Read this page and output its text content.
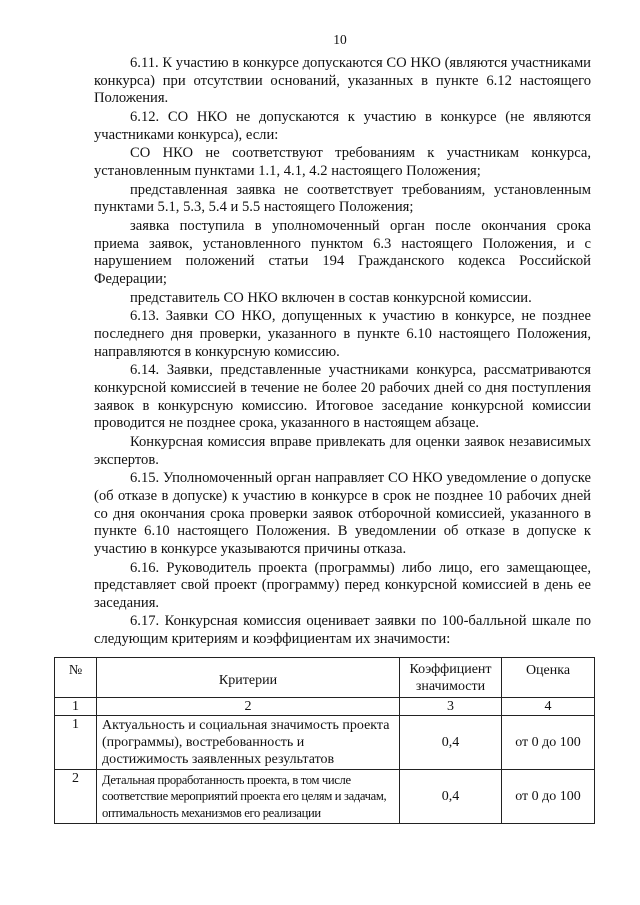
10

6.11. К участию в конкурсе допускаются СО НКО (являются участниками конкурса) при отсутствии оснований, указанных в пункте 6.12 настоящего Положения.

6.12. СО НКО не допускаются к участию в конкурсе (не являются участниками конкурса), если:

СО НКО не соответствуют требованиям к участникам конкурса, установленным пунктами 1.1, 4.1, 4.2 настоящего Положения;

представленная заявка не соответствует требованиям, установленным пунктами 5.1, 5.3, 5.4 и 5.5 настоящего Положения;

заявка поступила в уполномоченный орган после окончания срока приема заявок, установленного пунктом 6.3 настоящего Положения, и с нарушением положений статьи 194 Гражданского кодекса Российской Федерации;

представитель СО НКО включен в состав конкурсной комиссии.

6.13. Заявки СО НКО, допущенных к участию в конкурсе, не позднее последнего дня проверки, указанного в пункте 6.10 настоящего Положения, направляются в конкурсную комиссию.

6.14. Заявки, представленные участниками конкурса, рассматриваются конкурсной комиссией в течение не более 20 рабочих дней со дня поступления заявок в конкурсную комиссию. Итоговое заседание конкурсной комиссии проводится не позднее срока, указанного в настоящем абзаце.

Конкурсная комиссия вправе привлекать для оценки заявок независимых экспертов.

6.15. Уполномоченный орган направляет СО НКО уведомление о допуске (об отказе в допуске) к участию в конкурсе в срок не позднее 10 рабочих дней со дня окончания срока проверки заявок отборочной комиссией, указанного в пункте 6.10 настоящего Положения. В уведомлении об отказе в допуске к участию в конкурсе указываются причины отказа.

6.16. Руководитель проекта (программы) либо лицо, его замещающее, представляет свой проект (программу) перед конкурсной комиссией в день ее заседания.

6.17. Конкурсная комиссия оценивает заявки по 100-балльной шкале по следующим критериям и коэффициентам их значимости:

№	Критерии	Коэффициент значимости	Оценка
1	2	3	4
1	Актуальность и социальная значимость проекта (программы), востребованность и достижимость заявленных результатов	0,4	от 0 до 100
2	Детальная проработанность проекта, в том числе соответствие мероприятий проекта его целям и задачам, оптимальность механизмов его реализации	0,4	от 0 до 100
